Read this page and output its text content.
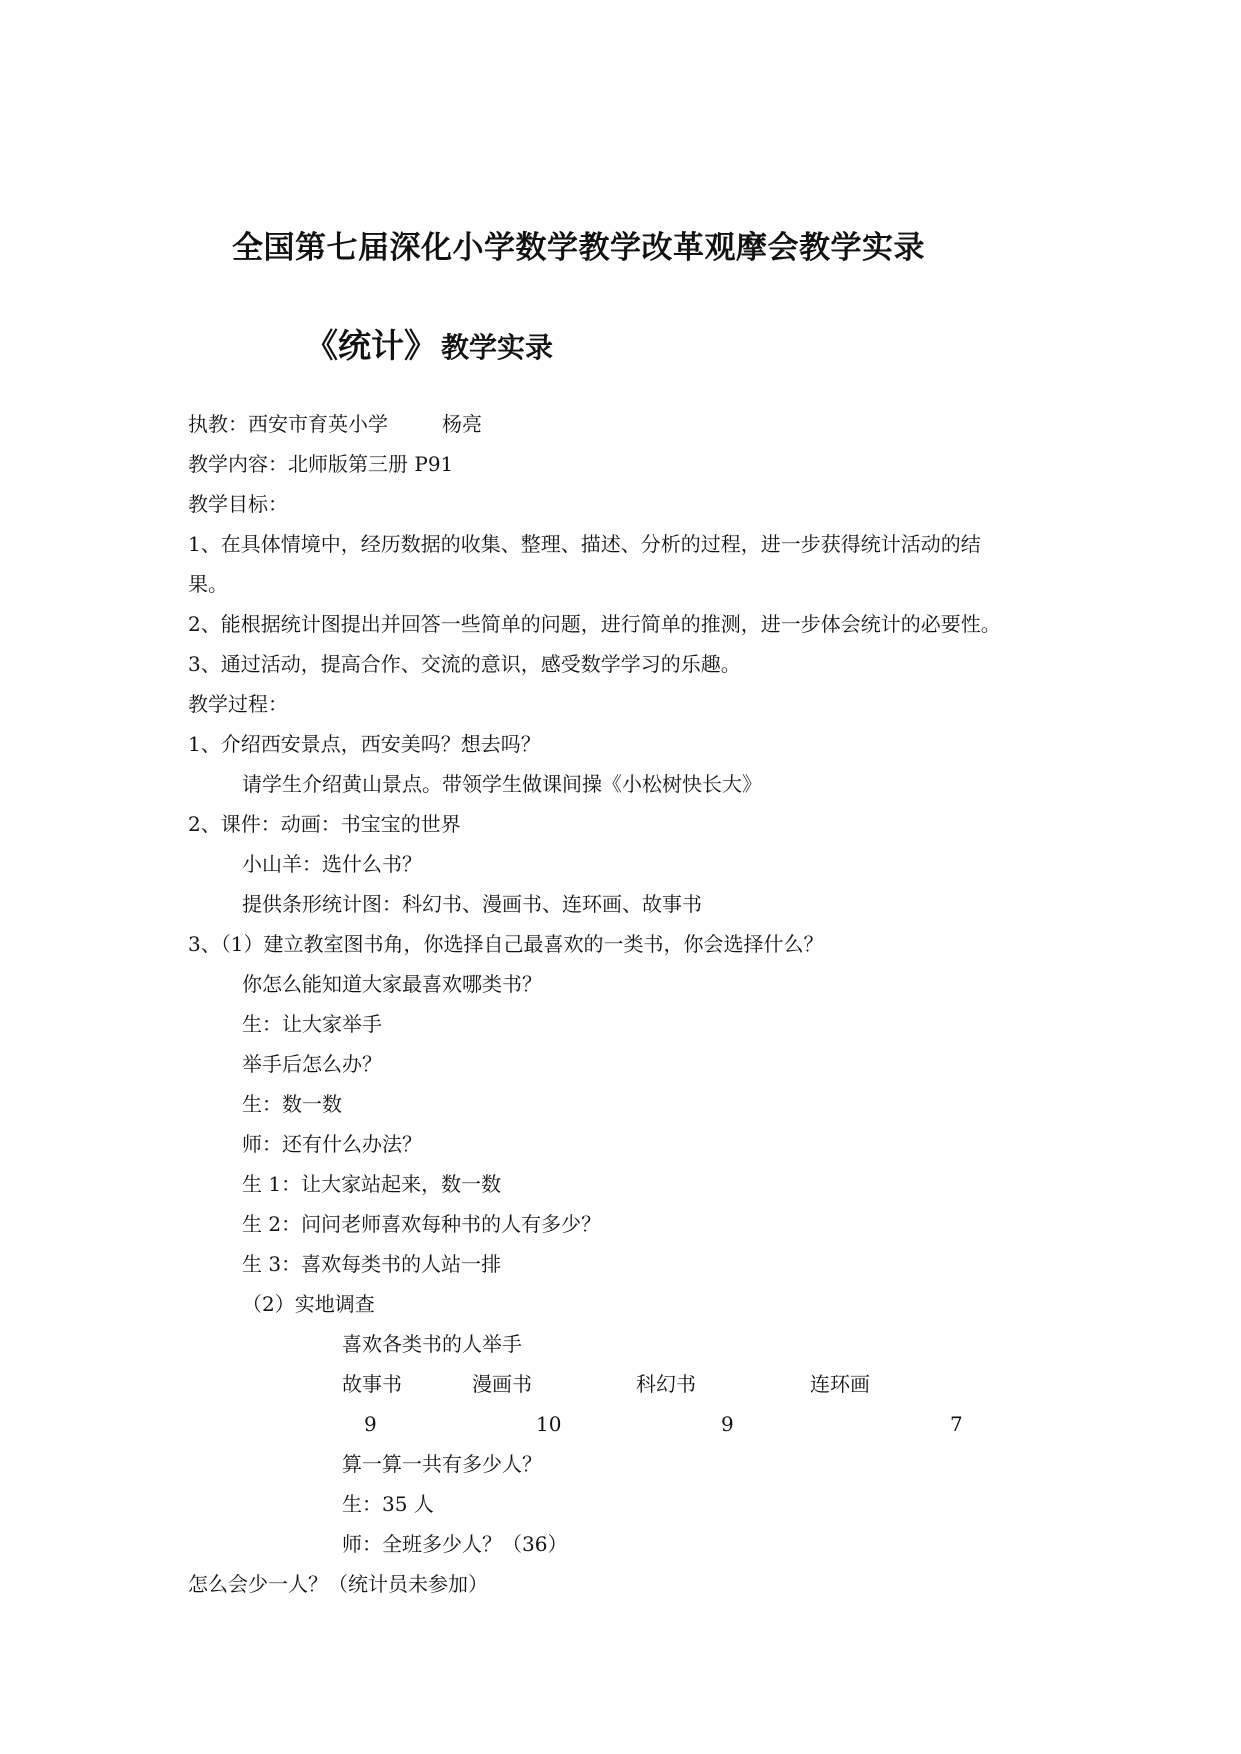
全国第七届深化小学数学教学改革观摩会教学实录
《统计》 教学实录
执教：西安市育英小学	杨亮
教学内容：北师版第三册 P91
教学目标：
1、在具体情境中，经历数据的收集、整理、描述、分析的过程，进一步获得统计活动的结
果。
2、能根据统计图提出并回答一些简单的问题，进行简单的推测，进一步体会统计的必要性。
3、通过活动，提高合作、交流的意识，感受数学学习的乐趣。
教学过程：
1、介绍西安景点，西安美吗？想去吗？
请学生介绍黄山景点。带领学生做课间操《小松树快长大》
2、课件：动画：书宝宝的世界
小山羊：选什么书？
提供条形统计图：科幻书、漫画书、连环画、故事书
3、（1）建立教室图书角，你选择自己最喜欢的一类书，你会选择什么？
你怎么能知道大家最喜欢哪类书？
生：让大家举手
举手后怎么办？
生：数一数
师：还有什么办法？
生 1：让大家站起来，数一数
生 2：问问老师喜欢每种书的人有多少？
生 3：喜欢每类书的人站一排
（2）实地调查
喜欢各类书的人举手
故事书	漫画书	科幻书	连环画
9	10	9	7
算一算一共有多少人？
生：35 人
师：全班多少人？（36）
怎么会少一人？（统计员未参加）
